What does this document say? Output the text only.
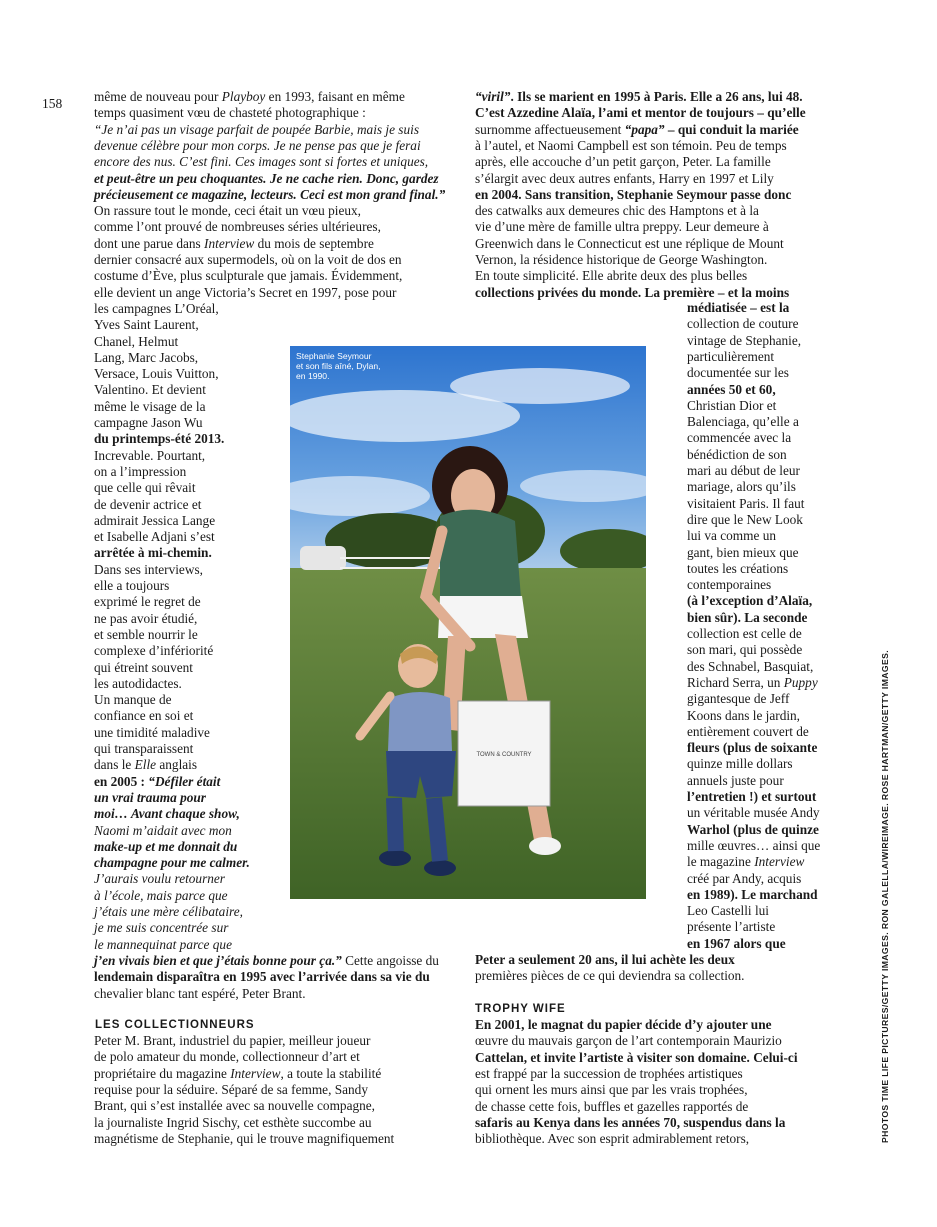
158 même de nouveau pour Playboy en 1993, faisant en même
temps quasiment vœu de chasteté photographique :
“Je n’ai pas un visage parfait de poupée Barbie, mais je suis
devenue célèbre pour mon corps. Je ne pense pas que je ferai
encore des nus. C’est fini. Ces images sont si fortes et uniques,
et peut-être un peu choquantes. Je ne cache rien. Donc, gardez
précieusement ce magazine, lecteurs. Ceci est mon grand final.”
On rassure tout le monde, ceci était un vœu pieux,
comme l’ont prouvé de nombreuses séries ultérieures,
dont une parue dans Interview du mois de septembre
dernier consacré aux supermodels, où on la voit de dos en
costume d’Ève, plus sculpturale que jamais. Évidemment,
elle devient un ange Victoria’s Secret en 1997, pose pour
les campagnes L’Oréal,
Yves Saint Laurent,
Chanel, Helmut
Lang, Marc Jacobs,
Versace, Louis Vuitton,
Valentino. Et devient
même le visage de la
campagne Jason Wu
du printemps-été 2013.
Increvable. Pourtant,
on a l’impression
que celle qui rêvait
de devenir actrice et
admirait Jessica Lange
et Isabelle Adjani s’est
arrêtée à mi-chemin.
Dans ses interviews,
elle a toujours
exprimé le regret de
ne pas avoir étudié,
et semble nourrir le
complexe d’infériorité
qui étreint souvent
les autodidactes.
Un manque de
confiance en soi et
une timidité maladive
qui transparaissent
dans le Elle anglais
en 2005 : “Défiler était
un vrai trauma pour
moi… Avant chaque show,
Naomi m’aidait avec mon
make-up et me donnait du
champagne pour me calmer.
J’aurais voulu retourner
à l’école, mais parce que
j’étais une mère célibataire,
je me suis concentrée sur
le mannequinat parce que
j’en vivais bien et que j’étais bonne pour ça.” Cette angoisse du
lendemain disparaîtra en 1995 avec l’arrivée dans sa vie du
chevalier blanc tant espéré, Peter Brant.
LES COLLECTIONNEURS
Peter M. Brant, industriel du papier, meilleur joueur
de polo amateur du monde, collectionneur d’art et
propriétaire du magazine Interview, a toute la stabilité
requise pour la séduire. Séparé de sa femme, Sandy
Brant, qui s’est installée avec sa nouvelle compagne,
la journaliste Ingrid Sischy, cet esthète succombe au
magnétisme de Stephanie, qui le trouve magnifiquement
“viril”. Ils se marient en 1995 à Paris. Elle a 26 ans, lui 48.
C’est Azzedine Alaïa, l’ami et mentor de toujours – qu’elle
surnomme affectueusement “papa” – qui conduit la mariée
à l’autel, et Naomi Campbell est son témoin. Peu de temps
après, elle accouche d’un petit garçon, Peter. La famille
s’élargit avec deux autres enfants, Harry en 1997 et Lily
en 2004. Sans transition, Stephanie Seymour passe donc
des catwalks aux demeures chic des Hamptons et à la
vie d’une mère de famille ultra preppy. Leur demeure à
Greenwich dans le Connecticut est une réplique de Mount
Vernon, la résidence historique de George Washington.
En toute simplicité. Elle abrite deux des plus belles
collections privées du monde. La première – et la moins
médiatisée – est la
collection de couture
vintage de Stephanie,
particulièrement
documentée sur les
années 50 et 60,
Christian Dior et
Balenciaga, qu’elle a
commencée avec la
bénédiction de son
mari au début de leur
mariage, alors qu’ils
visitaient Paris. Il faut
dire que le New Look
lui va comme un
gant, bien mieux que
toutes les créations
contemporaines
(à l’exception d’Alaïa,
bien sûr). La seconde
collection est celle de
son mari, qui possède
des Schnabel, Basquiat,
Richard Serra, un Puppy
gigantesque de Jeff
Koons dans le jardin,
entièrement couvert de
fleurs (plus de soixante
quinze mille dollars
annuels juste pour
l’entretien !) et surtout
un véritable musée Andy
Warhol (plus de quinze
mille œuvres… ainsi que
le magazine Interview
créé par Andy, acquis
en 1989). Le marchand
Leo Castelli lui
présente l’artiste
en 1967 alors que
Peter a seulement 20 ans, il lui achète les deux
premières pièces de ce qui deviendra sa collection.
TROPHY WIFE
En 2001, le magnat du papier décide d’y ajouter une
œuvre du mauvais garçon de l’art contemporain Maurizio
Cattelan, et invite l’artiste à visiter son domaine. Celui-ci
est frappé par la succession de trophées artistiques
qui ornent les murs ainsi que par les vrais trophées,
de chasse cette fois, buffles et gazelles rapportés de
safaris au Kenya dans les années 70, suspendus dans la
bibliothèque. Avec son esprit admirablement retors,
TOWN & COUNTRY
Stephanie Seymour
et son fils aîné, Dylan,
en 1990.
PHOTOS TIME LIFE PICTURES/GETTY IMAGES. RON GALELLA/WIREIMAGE. ROSE HARTMAN/GETTY IMAGES.
